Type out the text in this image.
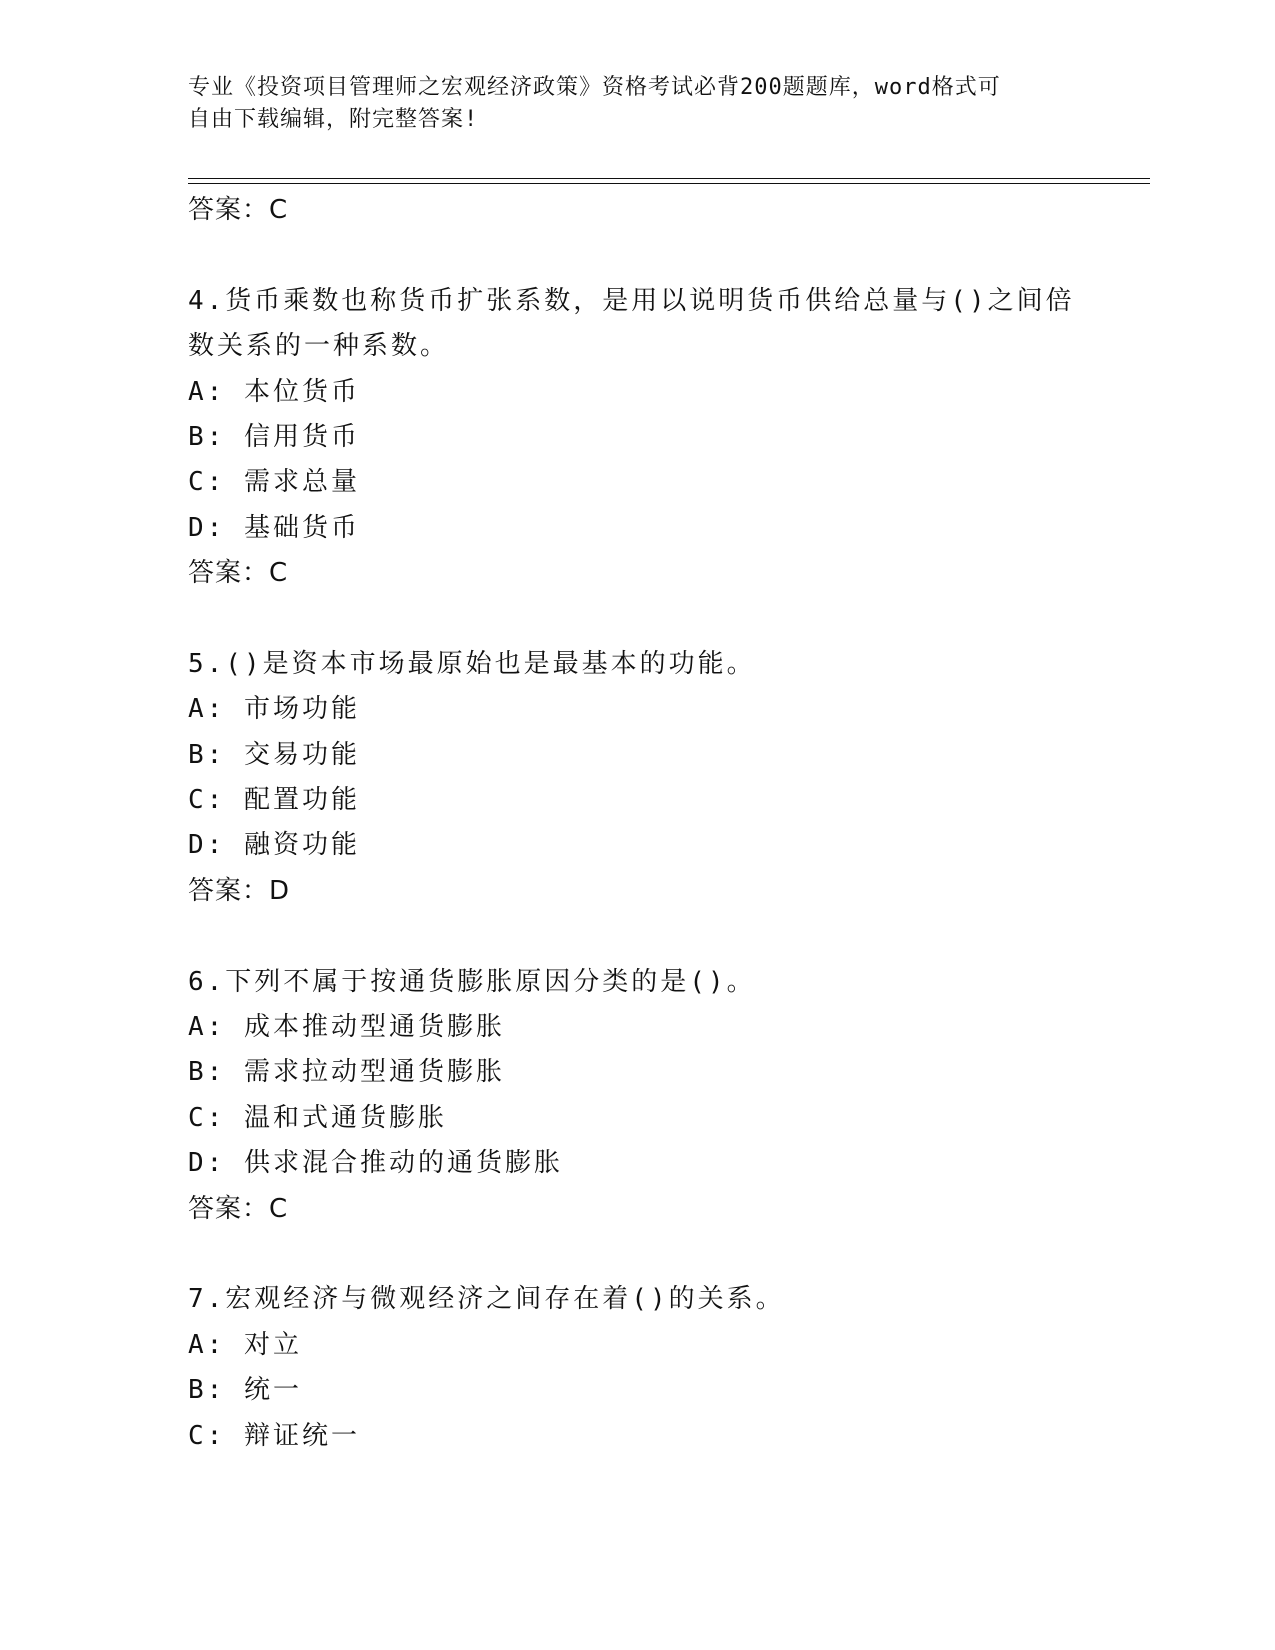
专业《投资项目管理师之宏观经济政策》资格考试必背200题题库，word格式可
自由下载编辑，附完整答案!
答案：C
4.货币乘数也称货币扩张系数，是用以说明货币供给总量与()之间倍
数关系的一种系数。
A: 本位货币
B: 信用货币
C: 需求总量
D: 基础货币
答案：C
5.()是资本市场最原始也是最基本的功能。
A: 市场功能
B: 交易功能
C: 配置功能
D: 融资功能
答案：D
6.下列不属于按通货膨胀原因分类的是()。
A: 成本推动型通货膨胀
B: 需求拉动型通货膨胀
C: 温和式通货膨胀
D: 供求混合推动的通货膨胀
答案：C
7.宏观经济与微观经济之间存在着()的关系。
A: 对立
B: 统一
C: 辩证统一
